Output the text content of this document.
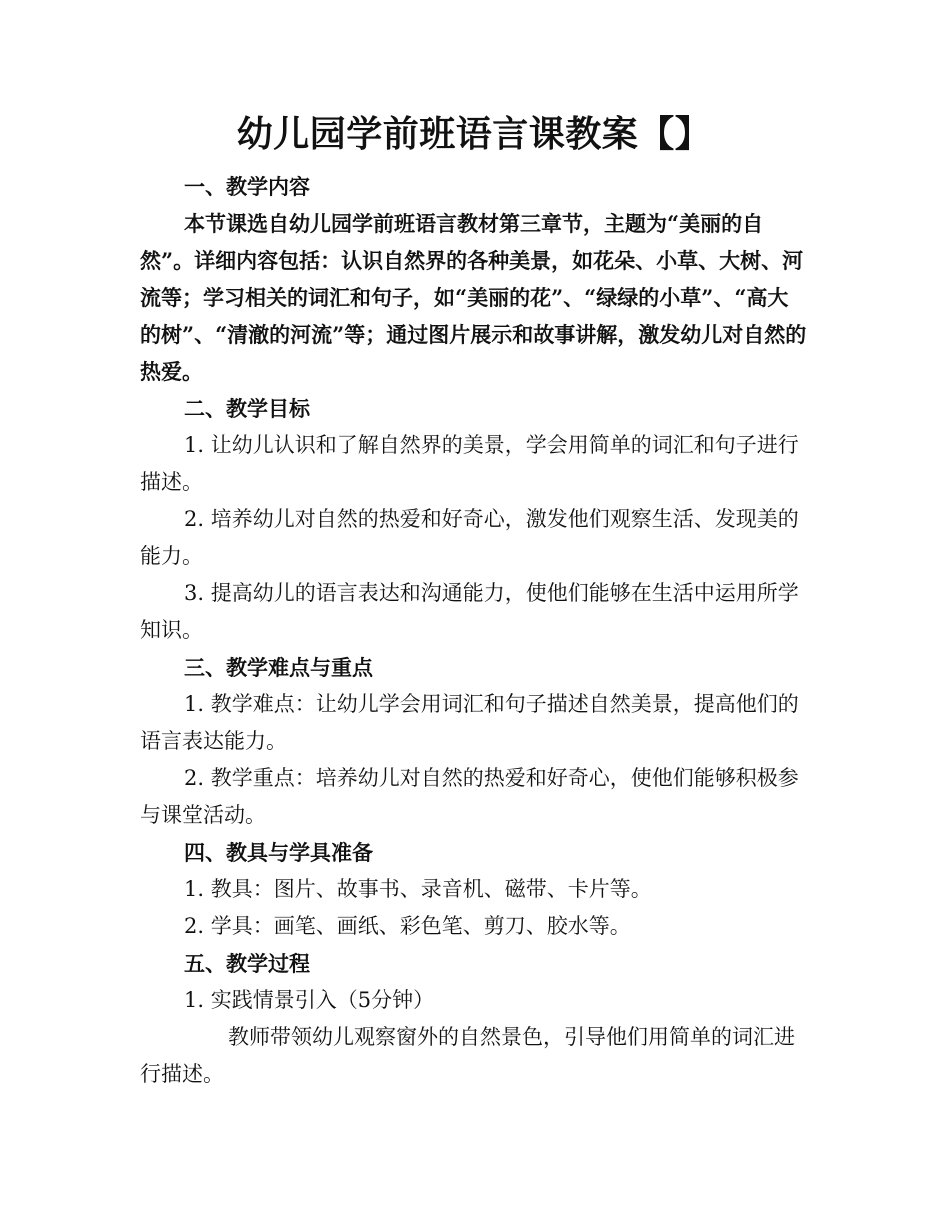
幼儿园学前班语言课教案【】

一、教学内容

本节课选自幼儿园学前班语言教材第三章节，主题为“美丽的自然”。详细内容包括：认识自然界的各种美景，如花朵、小草、大树、河流等；学习相关的词汇和句子，如“美丽的花”、“绿绿的小草”、“高大的树”、“清澈的河流”等；通过图片展示和故事讲解，激发幼儿对自然的热爱。

二、教学目标

1. 让幼儿认识和了解自然界的美景，学会用简单的词汇和句子进行描述。

2. 培养幼儿对自然的热爱和好奇心，激发他们观察生活、发现美的能力。

3. 提高幼儿的语言表达和沟通能力，使他们能够在生活中运用所学知识。

三、教学难点与重点

1. 教学难点：让幼儿学会用词汇和句子描述自然美景，提高他们的语言表达能力。

2. 教学重点：培养幼儿对自然的热爱和好奇心，使他们能够积极参与课堂活动。

四、教具与学具准备

1. 教具：图片、故事书、录音机、磁带、卡片等。

2. 学具：画笔、画纸、彩色笔、剪刀、胶水等。

五、教学过程

1. 实践情景引入（5分钟）

教师带领幼儿观察窗外的自然景色，引导他们用简单的词汇进行描述。
